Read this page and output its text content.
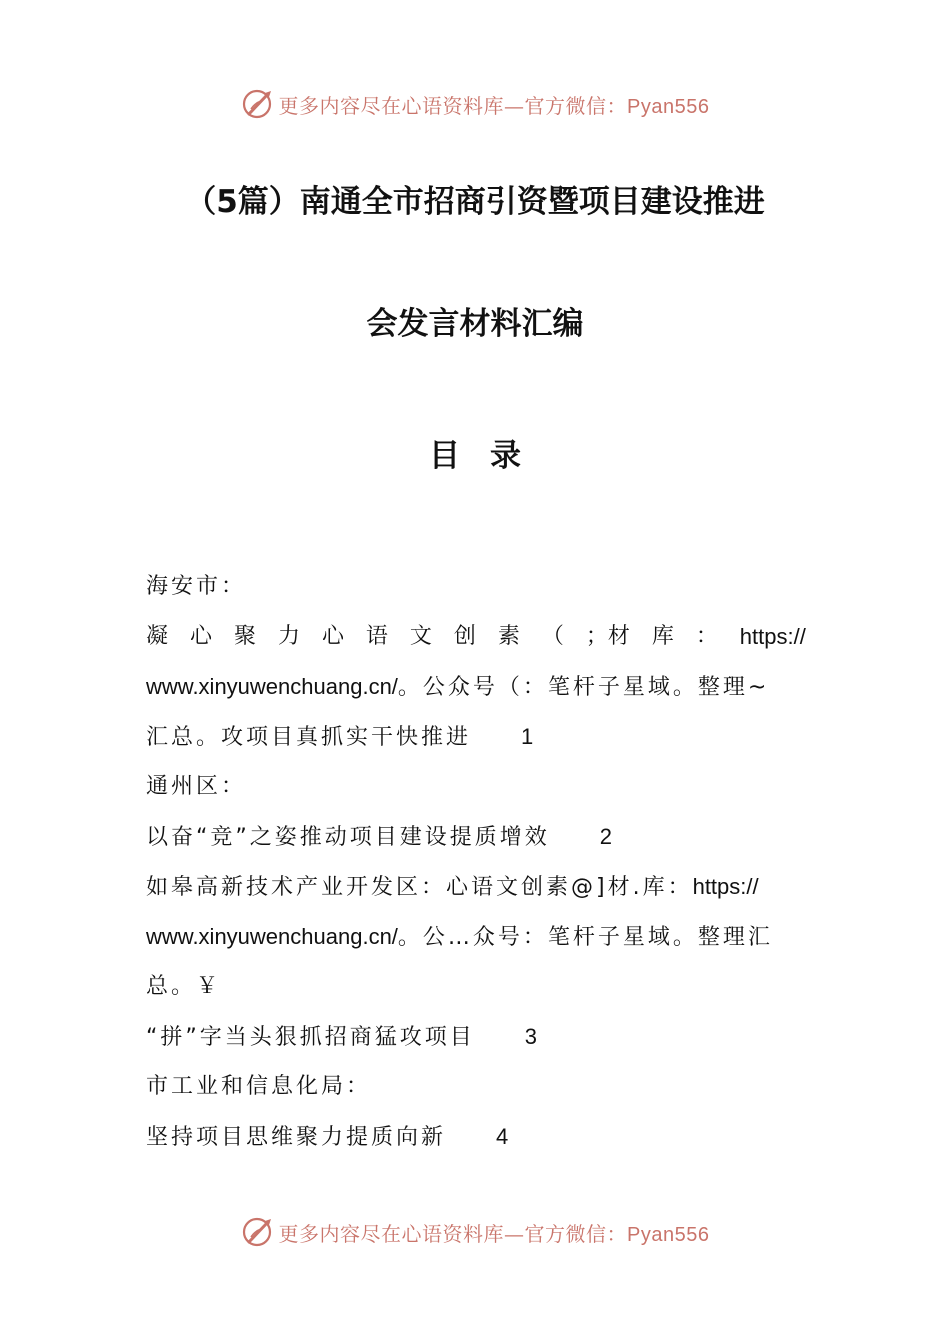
更多内容尽在心语资料库—官方微信：Pyan556
（5篇）南通全市招商引资暨项目建设推进
会发言材料汇编
目录
海安市：
凝 心 聚 力 心 语 文 创 素 （ ；材 库 ： https://
www.xinyuwenchuang.cn/。公众号（：笔杆子星域。整理~
汇总。攻项目真抓实干快推进 1
通州区：
以奋“竞”之姿推动项目建设提质增效 2
如皋高新技术产业开发区：心语文创素@]材.库：https://
www.xinyuwenchuang.cn/。公…众号：笔杆子星域。整理汇
总。￥
“拼”字当头狠抓招商猛攻项目 3
市工业和信息化局：
坚持项目思维聚力提质向新 4
更多内容尽在心语资料库—官方微信：Pyan556
